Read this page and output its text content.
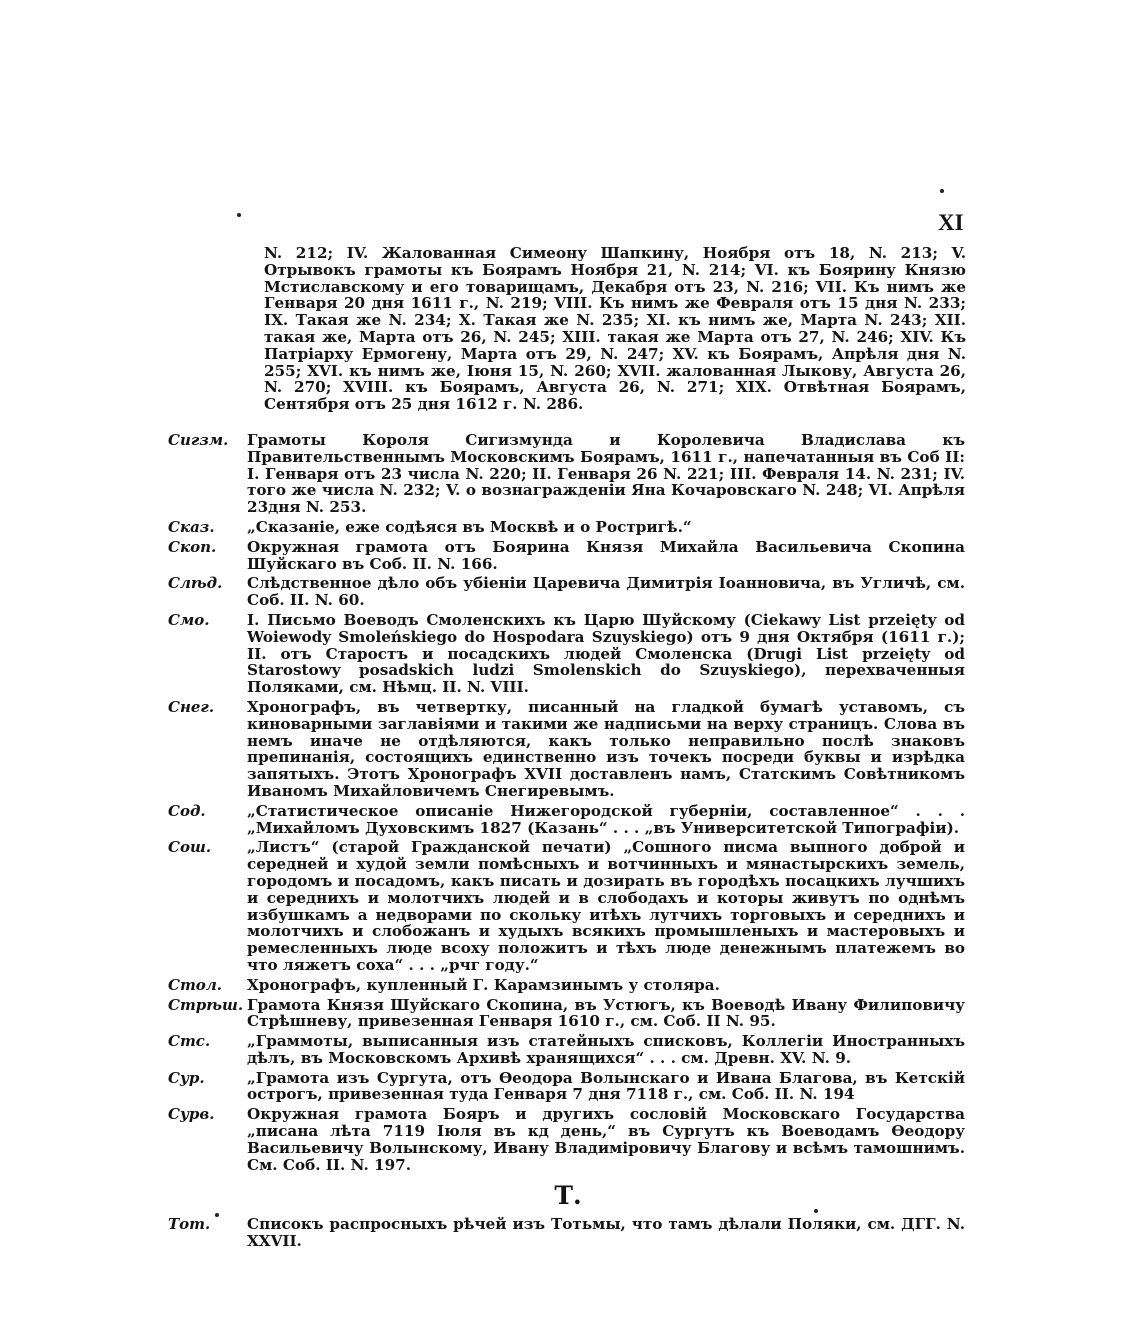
XI
N. 212; IV. Жалованная Симеону Шапкину, Ноября отъ 18, N. 213; V. Отрывокъ грамоты къ Боярамъ Ноября 21, N. 214; VI. къ Боярину Князю Мстиславскому и его товарищамъ, Декабря отъ 23, N. 216; VII. Къ нимъ же Генваря 20 дня 1611 г., N. 219; VIII. Къ нимъ же Февраля отъ 15 дня N. 233; IX. Такая же N. 234; X. Такая же N. 235; XI. къ нимъ же, Марта N. 243; XII. такая же, Марта отъ 26, N. 245; XIII. такая же Марта отъ 27, N. 246; XIV. Къ Патріарху Ермогену, Марта отъ 29, N. 247; XV. къ Боярамъ, Апрѣля дня N. 255; XVI. къ нимъ же, Іюня 15, N. 260; XVII. жалованная Лыкову, Августа 26, N. 270; XVIII. къ Боярамъ, Августа 26, N. 271; XIX. Отвѣтная Боярамъ, Сентября отъ 25 дня 1612 г. N. 286.
Сигзм.	Грамоты Короля Сигизмунда и Королевича Владислава къ Правительственнымъ Московскимъ Боярамъ, 1611 г., напечатанныя въ Соб II: I. Генваря отъ 23 числа N. 220; II. Генваря 26 N. 221; III. Февраля 14. N. 231; IV. того же числа N. 232; V. о вознагражденіи Яна Кочаровскаго N. 248; VI. Апрѣля 23дня N. 253.
Сказ.	„Сказаніе, еже содѣяся въ Москвѣ и о Ростригѣ.“
Скоп.	Окружная грамота отъ Боярина Князя Михайла Васильевича Скопина Шуйскаго въ Соб. II. N. 166.
Слѣд.	Слѣдственное дѣло объ убіеніи Царевича Димитрія Іоанновича, въ Угличѣ, см. Соб. II. N. 60.
Смо.	I. Письмо Воеводъ Смоленскихъ къ Царю Шуйскому (Ciekawy List przeięty od Woiewody Smoleńskiego do Hospodara Szuyskiego) отъ 9 дня Октября (1611 г.); II. отъ Старостъ и посадскихъ людей Смоленска (Drugi List przeięty od Starostowy posadskich ludzi Smolenskich do Szuyskiego), перехваченныя Поляками, см. Нѣмц. II. N. VIII.
Снег.	Хронографъ, въ четвертку, писанный на гладкой бумагѣ уставомъ, съ киноварными заглавіями и такими же надписьми на верху страницъ. Слова въ немъ иначе не отдѣляются, какъ только неправильно послѣ знаковъ препинанія, состоящихъ единственно изъ точекъ посреди буквы и изрѣдка запятыхъ. Этотъ Хронографъ XVII доставленъ намъ, Статскимъ Совѣтникомъ Иваномъ Михайловичемъ Снегиревымъ.
Сод.	„Статистическое описаніе Нижегородской губерніи, составленное“ . . . „Михайломъ Духовскимъ 1827 (Казань“ . . . „въ Университетской Типографіи).
Сош.	„Листъ“ (старой Гражданской печати) „Сошного писма выпного доброй и середней и худой земли помѣсныхъ и вотчинныхъ и мянастырскихъ земель, городомъ и посадомъ, какъ писать и дозирать въ городѣхъ посацкихъ лучшихъ и середнихъ и молотчихъ людей и в слободахъ и которы живутъ по однѣмъ избушкамъ а недворами по скольку итѣхъ лутчихъ торговыхъ и середнихъ и молотчихъ и слобожанъ и худыхъ всякихъ промышленыхъ и мастеровыхъ и ремесленныхъ люде всоху положитъ и тѣхъ люде денежнымъ платежемъ во что ляжетъ соха“ . . . „рчг году.“
Стол.	Хронографъ, купленный Г. Карамзинымъ у столяра.
Стрѣш. Грамота Князя Шуйскаго Скопина, въ Устюгъ, къ Воеводѣ Ивану Филиповичу Стрѣшневу, привезенная Генваря 1610 г., см. Соб. II N. 95.
Стс.	„Граммоты, выписанныя изъ статейныхъ списковъ, Коллегіи Иностранныхъ дѣлъ, въ Московскомъ Архивѣ хранящихся“ . . . см. Древн. XV. N. 9.
Сур.	„Грамота изъ Сургута, отъ Ѳеодора Волынскаго и Ивана Благова, въ Кетскій острогъ, привезенная туда Генваря 7 дня 7118 г., см. Соб. II. N. 194
Сурв.	Окружная грамота Бояръ и другихъ сословій Московскаго Государства „писана лѣта 7119 Іюля въ кд день,“ въ Сургутъ къ Воеводамъ Ѳеодору Васильевичу Волынскому, Ивану Владиміровичу Благову и всѣмъ тамошнимъ. См. Соб. II. N. 197.
Т.
Тот.	Списокъ распросныхъ рѣчей изъ Тотьмы, что тамъ дѣлали Поляки, см. ДГГ. N. XXVII.
